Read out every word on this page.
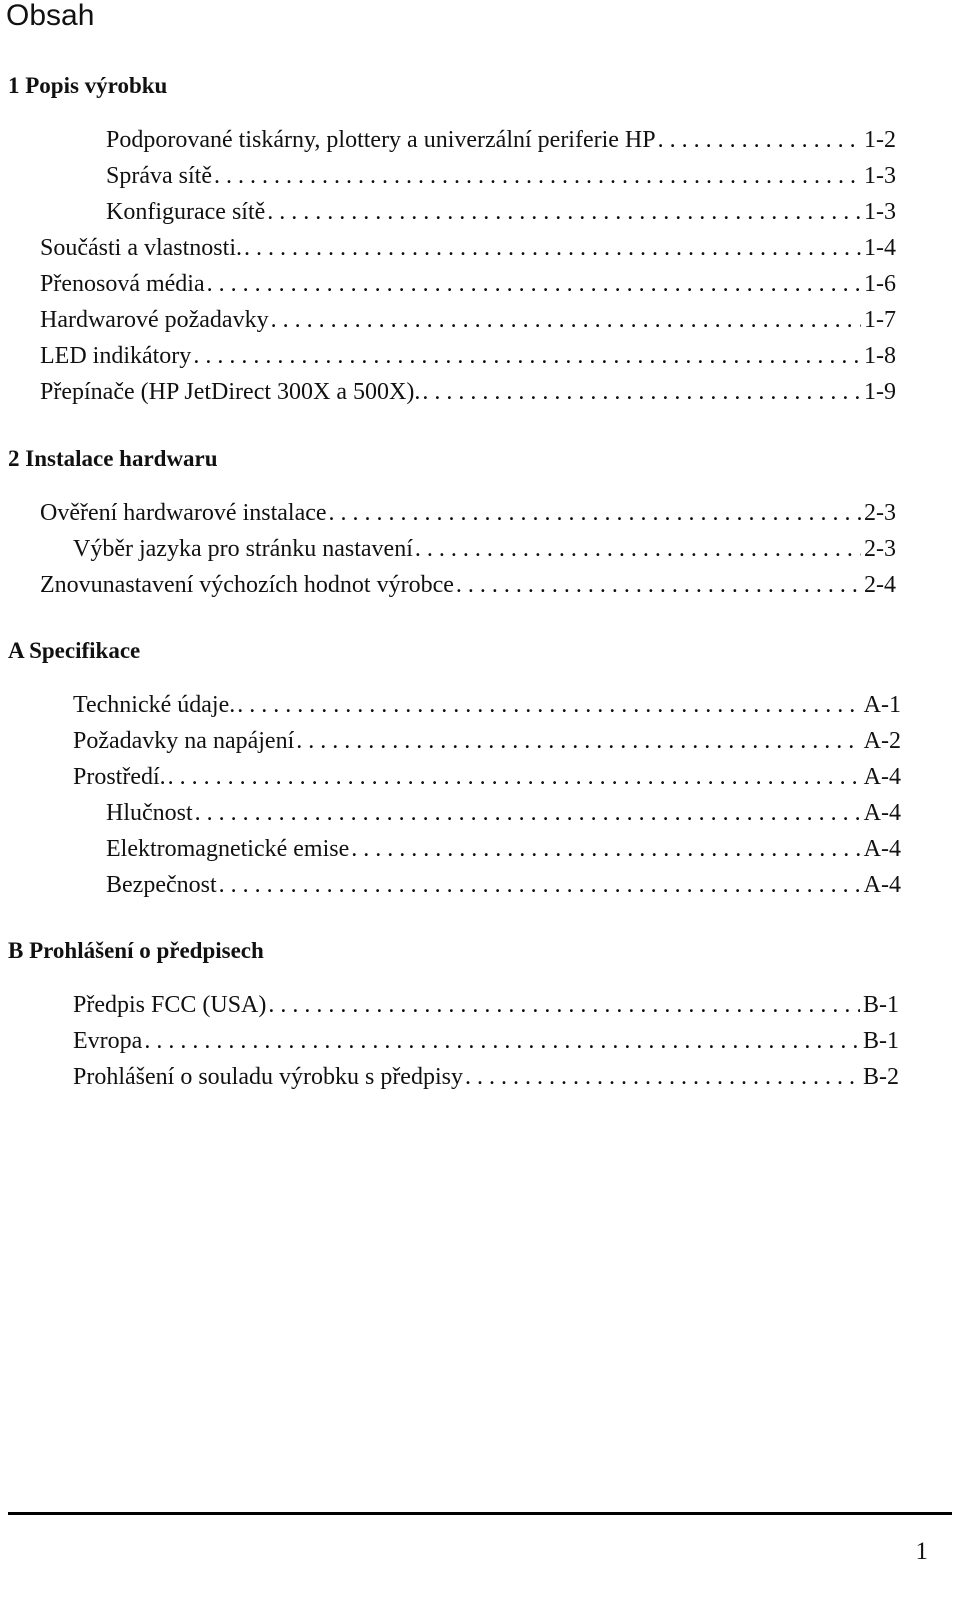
Obsah
1 Popis výrobku
Podporované tiskárny, plottery a univerzální periferie HP . . .	1-2
Správa sítě . . .	1-3
Konfigurace sítě . . .	1-3
Součásti a vlastnosti. . . .	1-4
Přenosová média . . .	1-6
Hardwarové požadavky . . .	1-7
LED indikátory . . .	1-8
Přepínače (HP JetDirect 300X a 500X). . . .	1-9
2 Instalace hardwaru
Ověření hardwarové instalace . . .	2-3
Výběr jazyka pro stránku nastavení . . .	2-3
Znovunastavení výchozích hodnot výrobce . . .	2-4
A Specifikace
Technické údaje. . . .	A-1
Požadavky na napájení . . .	A-2
Prostředí. . . .	A-4
Hlučnost . . .	A-4
Elektromagnetické emise . . .	A-4
Bezpečnost . . .	A-4
B Prohlášení o předpisech
Předpis FCC (USA) . . .	B-1
Evropa . . .	B-1
Prohlášení o souladu výrobku s předpisy . . .	B-2
1
